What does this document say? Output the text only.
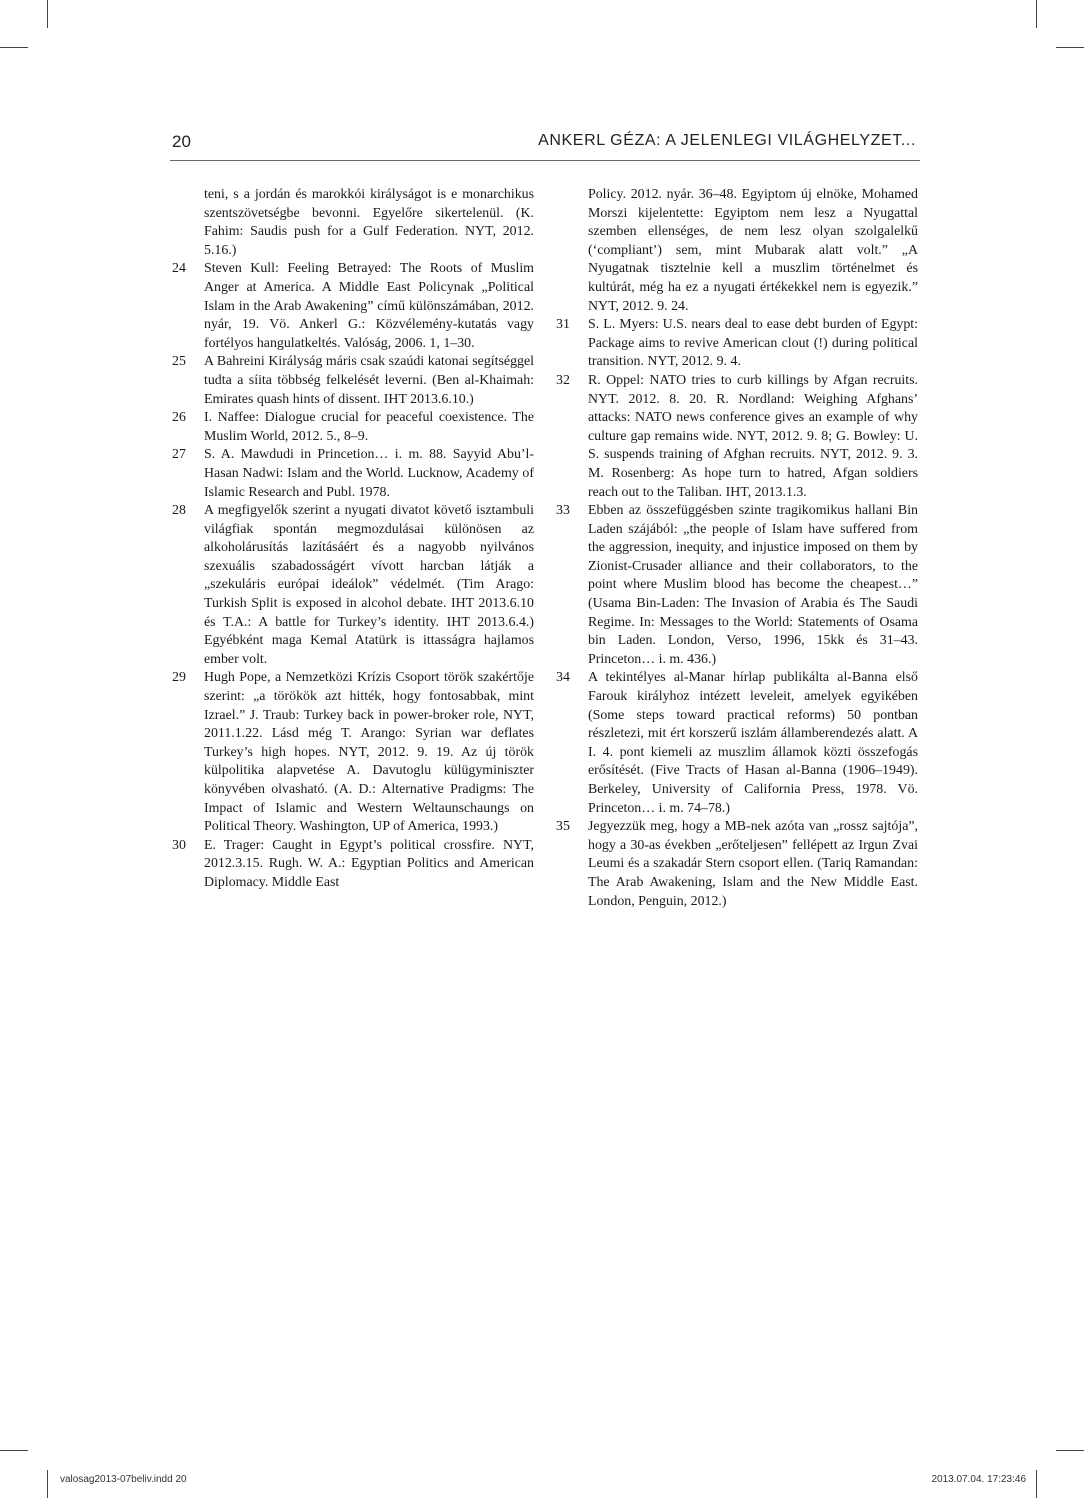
20	ANKERL GÉZA: A JELENLEGI VILÁGHELYZET...
teni, s a jordán és marokkói királyságot is e monarchikus szentszövetségbe bevonni. Egyelőre sikertelenül. (K. Fahim: Saudis push for a Gulf Federation. NYT, 2012. 5.16.)
24 Steven Kull: Feeling Betrayed: The Roots of Muslim Anger at America. A Middle East Policynak „Political Islam in the Arab Awakening” című különszámában, 2012. nyár, 19. Vö. Ankerl G.: Közvélemény-kutatás vagy fortélyos hangulatkeltés. Valóság, 2006. 1, 1–30.
25 A Bahreini Királyság máris csak szaúdi katonai segítséggel tudta a síita többség felkelését leverni. (Ben al-Khaimah: Emirates quash hints of dissent. IHT 2013.6.10.)
26 I. Naffee: Dialogue crucial for peaceful coexistence. The Muslim World, 2012. 5., 8–9.
27 S. A. Mawdudi in Princetion… i. m. 88. Sayyid Abu’l-Hasan Nadwi: Islam and the World. Lucknow, Academy of Islamic Research and Publ. 1978.
28 A megfigyelők szerint a nyugati divatot követő isztambuli világfiak spontán megmozdulásai különösen az alkoholárusítás lazításáért és a nagyobb nyilvános szexuális szabadosságért vívott harcban látják a „szekuláris európai ideálok” védelmét. (Tim Arago: Turkish Split is exposed in alcohol debate. IHT 2013.6.10 és T.A.: A battle for Turkey’s identity. IHT 2013.6.4.) Egyébként maga Kemal Atatürk is ittasságra hajlamos ember volt.
29 Hugh Pope, a Nemzetközi Krízis Csoport török szakértője szerint: „a törökök azt hitték, hogy fontosabbak, mint Izrael.” J. Traub: Turkey back in power-broker role, NYT, 2011.1.22. Lásd még T. Arango: Syrian war deflates Turkey’s high hopes. NYT, 2012. 9. 19. Az új török külpolitika alapvetése A. Davutoglu külügyminiszter könyvében olvasható. (A. D.: Alternative Pradigms: The Impact of Islamic and Western Weltaunschaungs on Political Theory. Washington, UP of America, 1993.)
30 E. Trager: Caught in Egypt’s political crossfire. NYT, 2012.3.15. Rugh. W. A.: Egyptian Politics and American Diplomacy. Middle East
Policy. 2012. nyár. 36–48. Egyiptom új elnöke, Mohamed Morszi kijelentette: Egyiptom nem lesz a Nyugattal szemben ellenséges, de nem lesz olyan szolgalelkű (‘compliant’) sem, mint Mubarak alatt volt.” „A Nyugatnak tisztelnie kell a muszlim történelmet és kultúrát, még ha ez a nyugati értékekkel nem is egyezik.” NYT, 2012. 9. 24.
31 S. L. Myers: U.S. nears deal to ease debt burden of Egypt: Package aims to revive American clout (!) during political transition. NYT, 2012. 9. 4.
32 R. Oppel: NATO tries to curb killings by Afgan recruits. NYT. 2012. 8. 20. R. Nordland: Weighing Afghans’ attacks: NATO news conference gives an example of why culture gap remains wide. NYT, 2012. 9. 8; G. Bowley: U. S. suspends training of Afghan recruits. NYT, 2012. 9. 3. M. Rosenberg: As hope turn to hatred, Afgan soldiers reach out to the Taliban. IHT, 2013.1.3.
33 Ebben az összefüggésben szinte tragikomikus hallani Bin Laden szájából: „the people of Islam have suffered from the aggression, inequity, and injustice imposed on them by Zionist-Crusader alliance and their collaborators, to the point where Muslim blood has become the cheapest…” (Usama Bin-Laden: The Invasion of Arabia és The Saudi Regime. In: Messages to the World: Statements of Osama bin Laden. London, Verso, 1996, 15kk és 31–43. Princeton… i. m. 436.)
34 A tekintélyes al-Manar hírlap publikálta al-Banna első Farouk királyhoz intézett leveleit, amelyek egyikében (Some steps toward practical reforms) 50 pontban részletezi, mit ért korszerű iszlám államberendezés alatt. A I. 4. pont kiemeli az muszlim államok közti összefogás erősítését. (Five Tracts of Hasan al-Banna (1906–1949). Berkeley, University of California Press, 1978. Vö. Princeton… i. m. 74–78.)
35 Jegyezzük meg, hogy a MB-nek azóta van „rossz sajtója”, hogy a 30-as években „erőteljesen” fellépett az Irgun Zvai Leumi és a szakadár Stern csoport ellen. (Tariq Ramandan: The Arab Awakening, Islam and the New Middle East. London, Penguin, 2012.)
valosag2013-07beliv.indd 20	2013.07.04. 17:23:46
